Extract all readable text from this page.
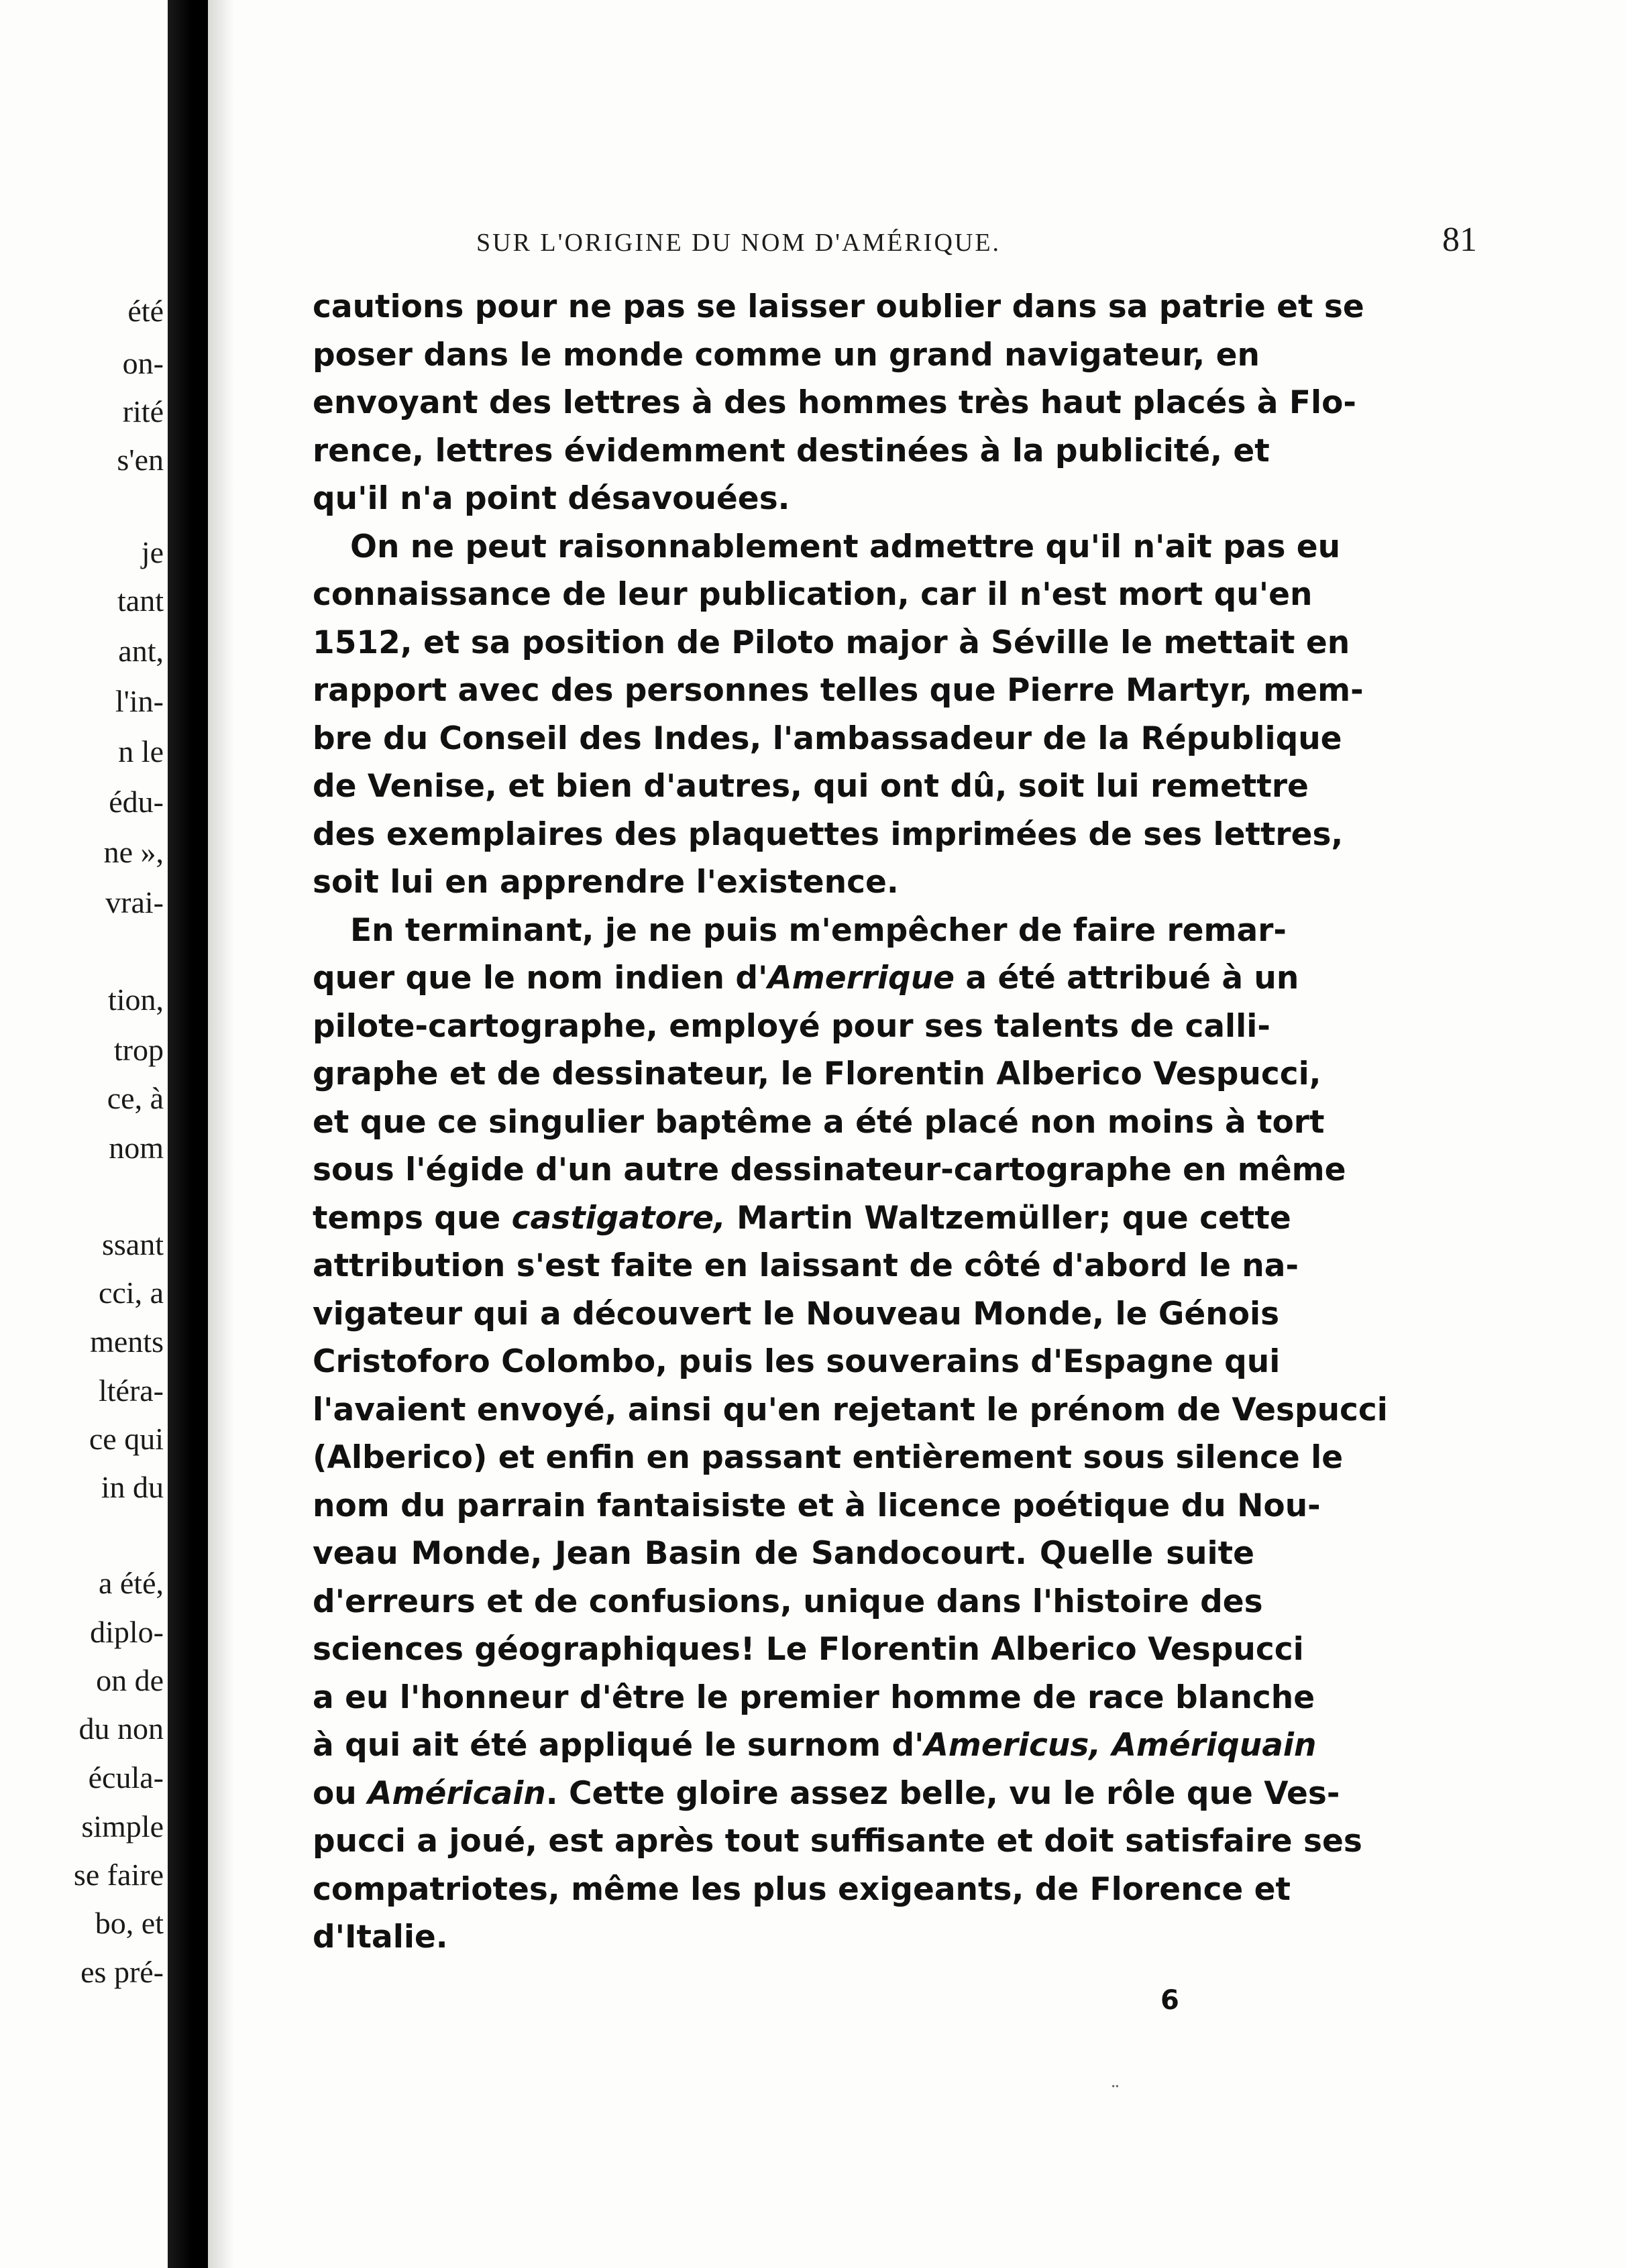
été
on-
rité
s'en
je
tant
ant,
l'in-
n le
édu-
ne »,
vrai-
tion,
trop
ce, à
nom
ssant
cci, a
ments
ltéra-
ce qui
in du
a été,
diplo-
on de
du non
écula-
simple
se faire
bo, et
es pré-
SUR L'ORIGINE DU NOM D'AMÉRIQUE.	81
cautions pour ne pas se laisser oublier dans sa patrie et se
poser dans le monde comme un grand navigateur, en
envoyant des lettres à des hommes très haut placés à Flo-
rence, lettres évidemment destinées à la publicité, et
qu'il n'a point désavouées.
On ne peut raisonnablement admettre qu'il n'ait pas eu
connaissance de leur publication, car il n'est mort qu'en
1512, et sa position de Piloto major à Séville le mettait en
rapport avec des personnes telles que Pierre Martyr, mem-
bre du Conseil des Indes, l'ambassadeur de la République
de Venise, et bien d'autres, qui ont dû, soit lui remettre
des exemplaires des plaquettes imprimées de ses lettres,
soit lui en apprendre l'existence.
En terminant, je ne puis m'empêcher de faire remar-
quer que le nom indien d'Amerrique a été attribué à un
pilote-cartographe, employé pour ses talents de calli-
graphe et de dessinateur, le Florentin Alberico Vespucci,
et que ce singulier baptême a été placé non moins à tort
sous l'égide d'un autre dessinateur-cartographe en même
temps que castigatore, Martin Waltzemüller; que cette
attribution s'est faite en laissant de côté d'abord le na-
vigateur qui a découvert le Nouveau Monde, le Génois
Cristoforo Colombo, puis les souverains d'Espagne qui
l'avaient envoyé, ainsi qu'en rejetant le prénom de Vespucci
(Alberico) et enfin en passant entièrement sous silence le
nom du parrain fantaisiste et à licence poétique du Nou-
veau Monde, Jean Basin de Sandocourt. Quelle suite
d'erreurs et de confusions, unique dans l'histoire des
sciences géographiques! Le Florentin Alberico Vespucci
a eu l'honneur d'être le premier homme de race blanche
à qui ait été appliqué le surnom d'Americus, Amériquain
ou Américain. Cette gloire assez belle, vu le rôle que Ves-
pucci a joué, est après tout suffisante et doit satisfaire ses
compatriotes, même les plus exigeants, de Florence et
d'Italie.
6
¨
